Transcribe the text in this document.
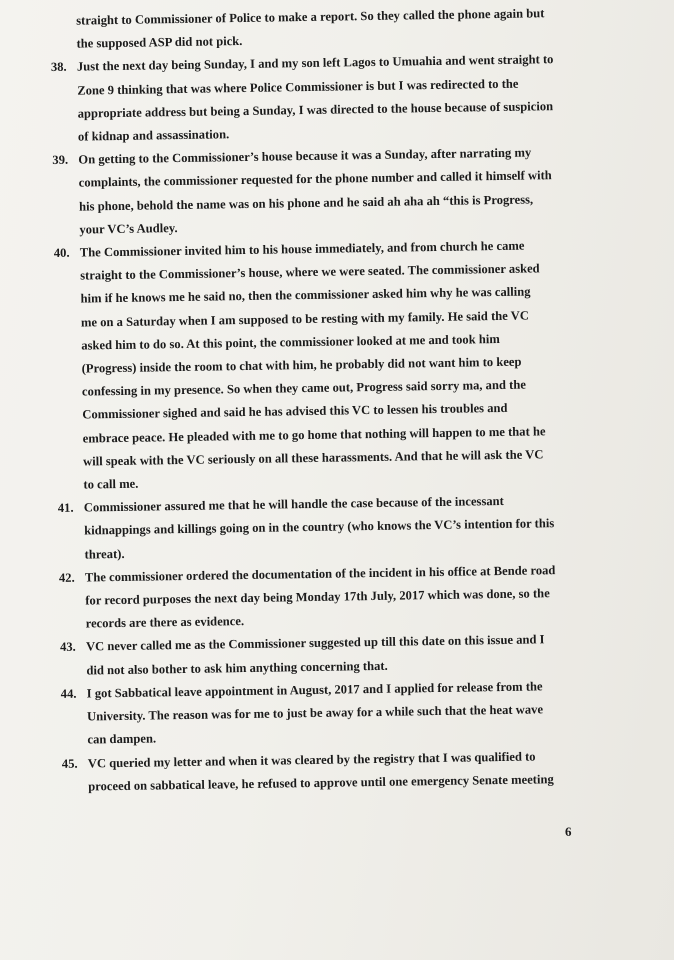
straight to Commissioner of Police to make a report. So they called the phone again but
the supposed ASP did not pick.
38. Just the next day being Sunday, I and my son left Lagos to Umuahia and went straight to
Zone 9 thinking that was where Police Commissioner is but I was redirected to the
appropriate address but being a Sunday, I was directed to the house because of suspicion
of kidnap and assassination.
39. On getting to the Commissioner’s house because it was a Sunday, after narrating my
complaints, the commissioner requested for the phone number and called it himself with
his phone, behold the name was on his phone and he said ah aha ah “this is Progress,
your VC’s Audley.
40. The Commissioner invited him to his house immediately, and from church he came
straight to the Commissioner’s house, where we were seated. The commissioner asked
him if he knows me he said no, then the commissioner asked him why he was calling
me on a Saturday when I am supposed to be resting with my family. He said the VC
asked him to do so. At this point, the commissioner looked at me and took him
(Progress) inside the room to chat with him, he probably did not want him to keep
confessing in my presence. So when they came out, Progress said sorry ma, and the
Commissioner sighed and said he has advised this VC to lessen his troubles and
embrace peace. He pleaded with me to go home that nothing will happen to me that he
will speak with the VC seriously on all these harassments. And that he will ask the VC
to call me.
41. Commissioner assured me that he will handle the case because of the incessant
kidnappings and killings going on in the country (who knows the VC’s intention for this
threat).
42. The commissioner ordered the documentation of the incident in his office at Bende road
for record purposes the next day being Monday 17th July, 2017 which was done, so the
records are there as evidence.
43. VC never called me as the Commissioner suggested up till this date on this issue and I
did not also bother to ask him anything concerning that.
44. I got Sabbatical leave appointment in August, 2017 and I applied for release from the
University. The reason was for me to just be away for a while such that the heat wave
can dampen.
45. VC queried my letter and when it was cleared by the registry that I was qualified to
proceed on sabbatical leave, he refused to approve until one emergency Senate meeting
6
